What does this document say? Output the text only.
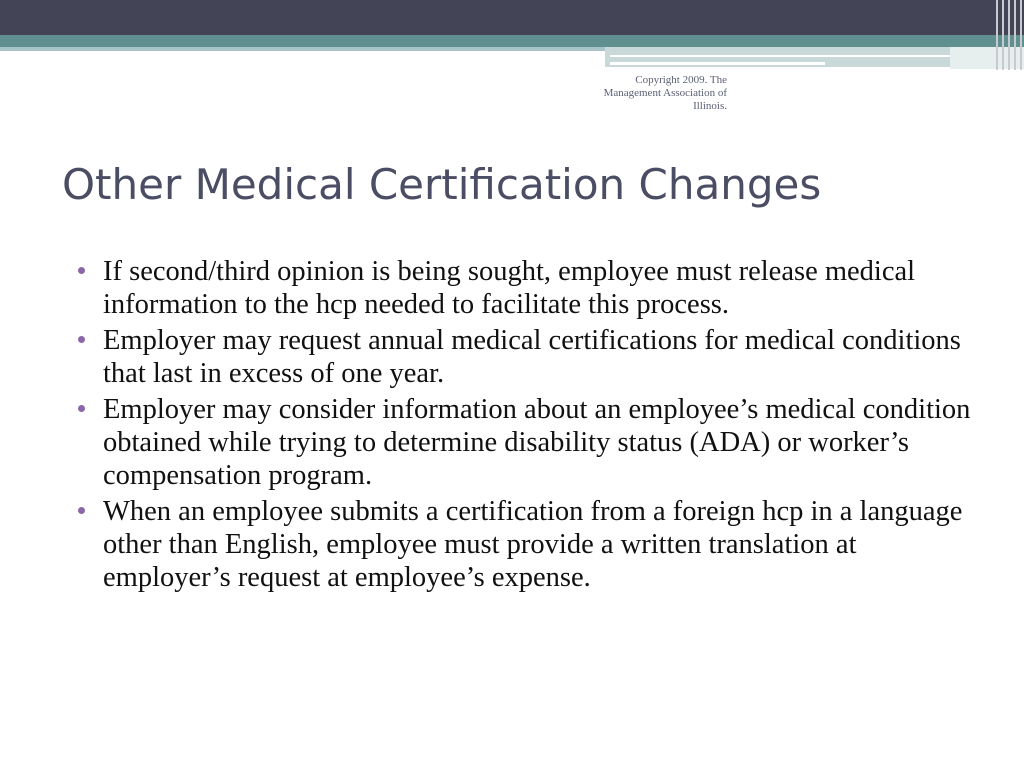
Copyright 2009. The Management Association of Illinois.
Other Medical Certification Changes
If second/third opinion is being sought, employee must release medical information to the hcp needed to facilitate this process.
Employer may request annual medical certifications for medical conditions that last in excess of one year.
Employer may consider information about an employee’s medical condition obtained while trying to determine disability status (ADA) or worker’s compensation program.
When an employee submits a certification from a foreign hcp in a language other than English, employee must provide a written translation at employer’s request at employee’s expense.
